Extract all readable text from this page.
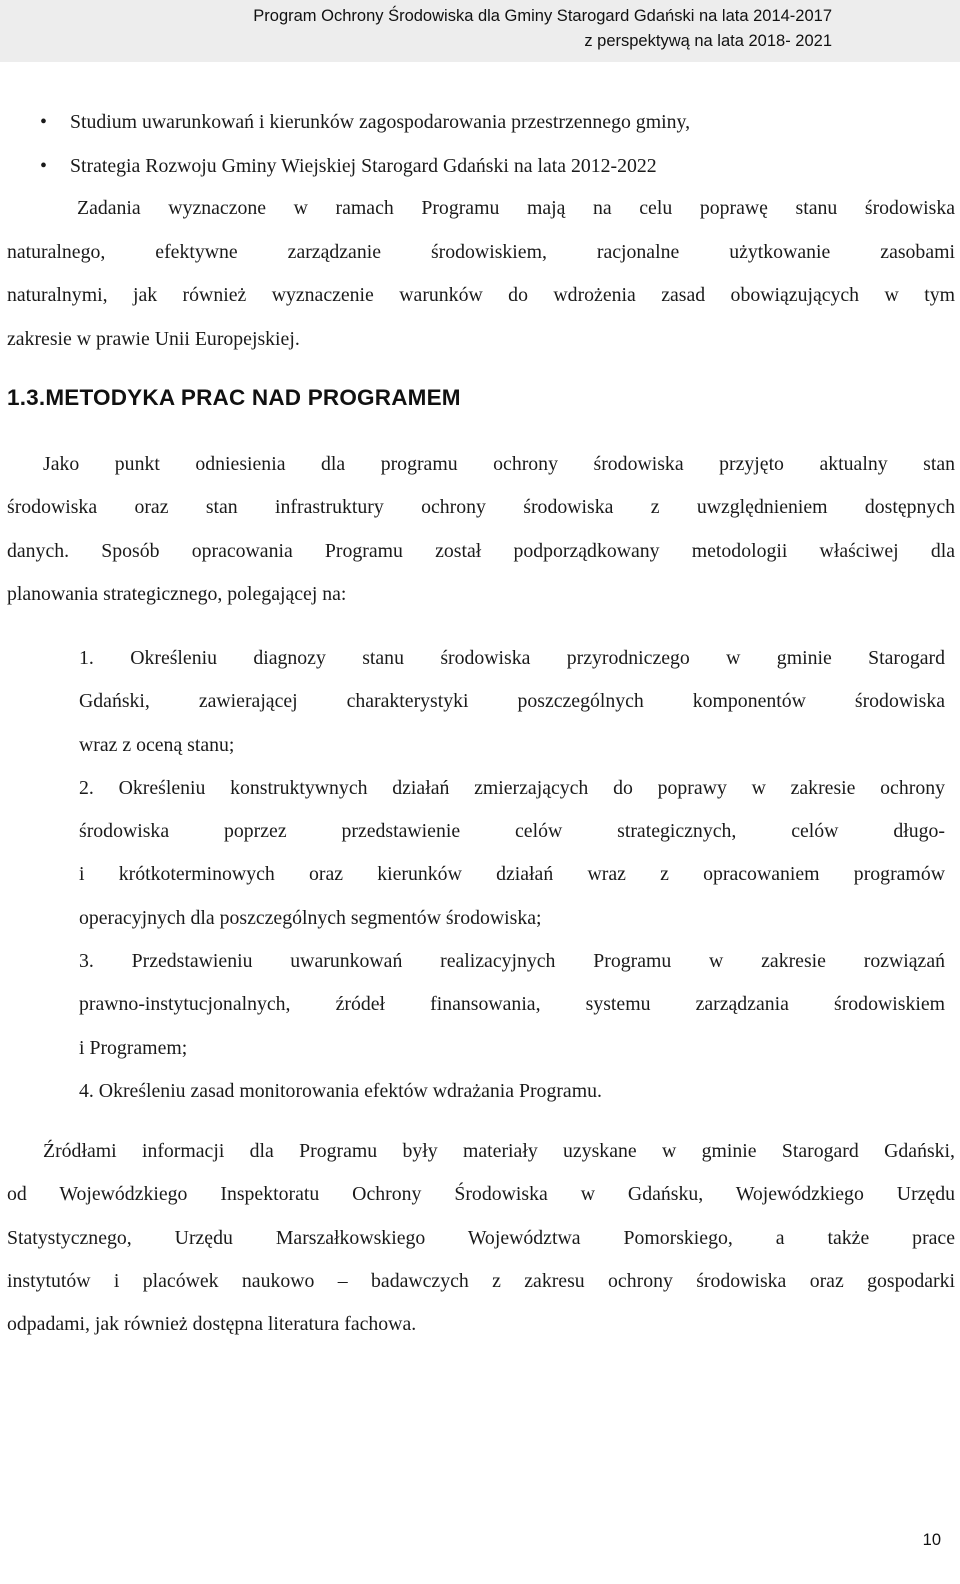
Program Ochrony Środowiska dla Gminy Starogard Gdański na lata 2014-2017
z perspektywą na lata 2018- 2021
• Studium uwarunkowań i kierunków zagospodarowania przestrzennego gminy,
• Strategia Rozwoju Gminy Wiejskiej Starogard Gdański na lata 2012-2022
Zadania wyznaczone w ramach Programu mają na celu poprawę stanu środowiska
naturalnego, efektywne zarządzanie środowiskiem, racjonalne użytkowanie zasobami
naturalnymi, jak również wyznaczenie warunków do wdrożenia zasad obowiązujących w tym
zakresie w prawie Unii Europejskiej.
1.3.METODYKA PRAC NAD PROGRAMEM
Jako punkt odniesienia dla programu ochrony środowiska przyjęto aktualny stan
środowiska oraz stan infrastruktury ochrony środowiska z uwzględnieniem dostępnych
danych. Sposób opracowania Programu został podporządkowany metodologii właściwej dla
planowania strategicznego, polegającej na:
1. Określeniu diagnozy stanu środowiska przyrodniczego w gminie Starogard
Gdański, zawierającej charakterystyki poszczególnych komponentów środowiska
wraz z oceną stanu;
2. Określeniu konstruktywnych działań zmierzających do poprawy w zakresie ochrony
środowiska poprzez przedstawienie celów strategicznych, celów długo-
i krótkoterminowych oraz kierunków działań wraz z opracowaniem programów
operacyjnych dla poszczególnych segmentów środowiska;
3. Przedstawieniu uwarunkowań realizacyjnych Programu w zakresie rozwiązań
prawno-instytucjonalnych, źródeł finansowania, systemu zarządzania środowiskiem
i Programem;
4. Określeniu zasad monitorowania efektów wdrażania Programu.
Źródłami informacji dla Programu były materiały uzyskane w gminie Starogard Gdański,
od Wojewódzkiego Inspektoratu Ochrony Środowiska w Gdańsku, Wojewódzkiego Urzędu
Statystycznego, Urzędu Marszałkowskiego Województwa Pomorskiego, a także prace
instytutów i placówek naukowo – badawczych z zakresu ochrony środowiska oraz gospodarki
odpadami, jak również dostępna literatura fachowa.
10
